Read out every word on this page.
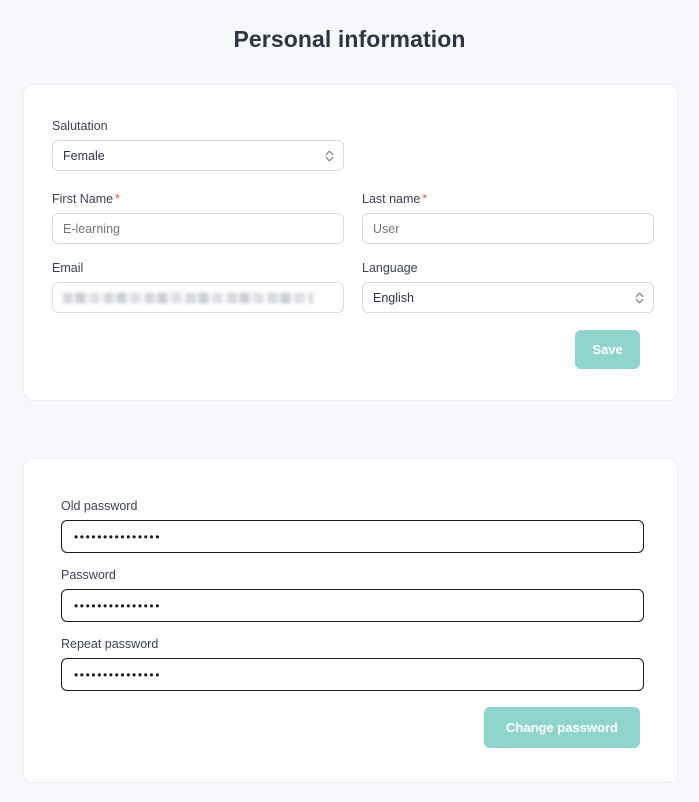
Personal information
Salutation
Female
First Name *
E-learning	Last name *
User
Email	Language
English
Save
Old password
•••••••••••••••
Password
•••••••••••••••
Repeat password
•••••••••••••••
Change password
